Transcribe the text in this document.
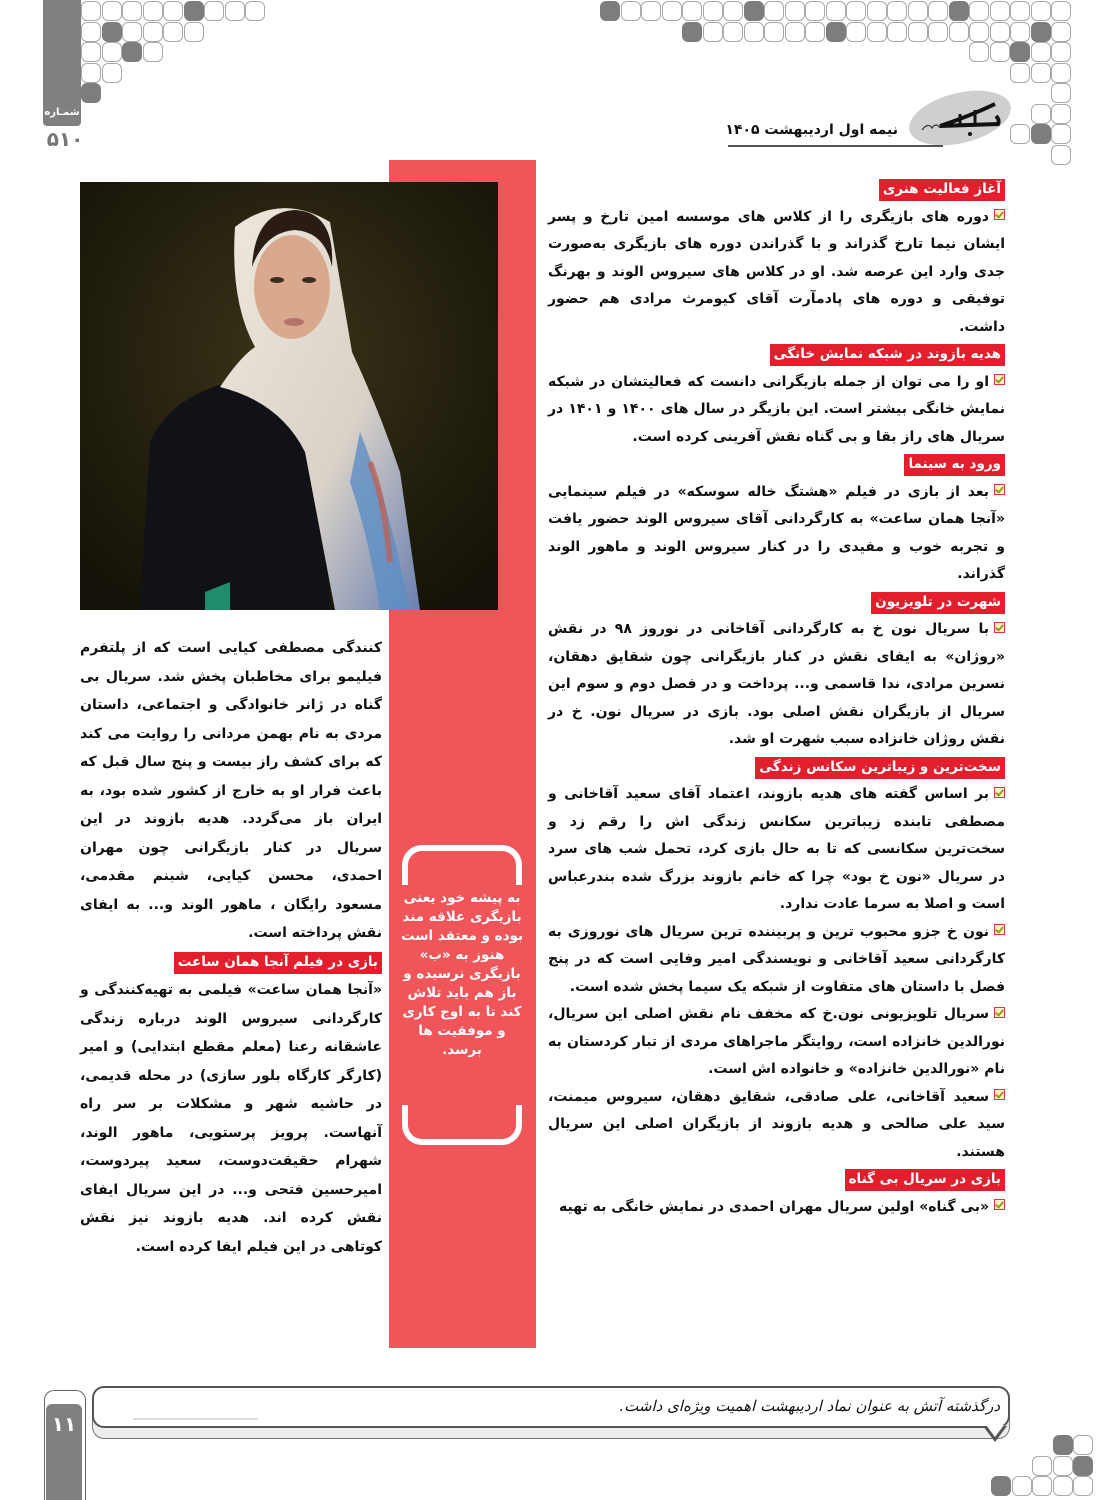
شمـاره
۵۱۰	نیمه اول اردیبهشت ۱۴۰۵
آغاز فعالیت هنری
دوره های بازیگری را از کلاس های موسسه امین تارخ و پسر ایشان نیما تارخ گذراند و با گذراندن دوره های بازیگری به‌صورت جدی وارد این عرصه شد. او در کلاس های سیروس الوند و بهرنگ توفیقی و دوره های پادمآرت آقای کیومرث مرادی هم حضور داشت.
هدیه بازوند در شبکه نمایش خانگی
او را می توان از جمله بازیگرانی دانست که فعالیتشان در شبکه نمایش خانگی بیشتر است. این بازیگر در سال های ۱۴۰۰ و ۱۴۰۱ در سریال های راز بقا و بی گناه نقش آفرینی کرده است.
ورود به سینما
بعد از بازی در فیلم «هشتگ خاله سوسکه» در فیلم سینمایی «آنجا همان ساعت» به کارگردانی آقای سیروس الوند حضور یافت و تجربه خوب و مفیدی را در کنار سیروس الوند و ماهور الوند گذراند.
شهرت در تلویزیون
با سریال نون خ به کارگردانی آقاخانی در نوروز ۹۸ در نقش «روژان» به ایفای نقش در کنار بازیگرانی چون شقایق دهقان، نسرین مرادی، ندا قاسمی و... پرداخت و در فصل دوم و سوم این سریال از بازیگران نقش اصلی بود. بازی در سریال نون. خ در نقش روژان خانزاده سبب شهرت او شد.
سخت‌ترین و زیباترین سکانس زندگی
بر اساس گفته های هدیه بازوند، اعتماد آقای سعید آقاخانی و مصطفی تابنده زیباترین سکانس زندگی اش را رقم زد و سخت‌ترین سکانسی که تا به حال بازی کرد، تحمل شب های سرد در سریال «نون خ بود» چرا که خانم بازوند بزرگ شده بندرعباس است و اصلا به سرما عادت ندارد.
نون خ جزو محبوب ترین و پربیننده ترین سریال های نوروزی به کارگردانی سعید آقاخانی و نویسندگی امیر وفایی است که در پنج فصل با داستان های متفاوت از شبکه یک سیما پخش شده است.
سریال تلویزیونی نون.خ که مخفف نام نقش اصلی این سریال، نورالدین خانزاده است، روایتگر ماجراهای مردی از تبار کردستان به نام «نورالدین خانزاده» و خانواده اش است.
سعید آقاخانی، علی صادقی، شقایق دهقان، سیروس میمنت، سید علی صالحی و هدیه بازوند از بازیگران اصلی این سریال هستند.
بازی در سریال بی گناه
«بی گناه» اولین سریال مهران احمدی در نمایش خانگی به تهیه
کنندگی مصطفی کیایی است که از پلتفرم فیلیمو برای مخاطبان پخش شد. سریال بی گناه در ژانر خانوادگی و اجتماعی، داستان مردی به نام بهمن مردانی را روایت می کند که برای کشف راز بیست و پنج سال قبل که باعث فرار او به خارج از کشور شده بود، به ایران باز می‌گردد. هدیه بازوند در این سریال در کنار بازیگرانی چون مهران احمدی، محسن کیایی، شبنم مقدمی، مسعود رایگان ، ماهور الوند و... به ایفای نقش پرداخته است.
بازی در فیلم آنجا همان ساعت
«آنجا همان ساعت» فیلمی به تهیه‌کنندگی و کارگردانی سیروس الوند درباره زندگی عاشقانه رعنا (معلم مقطع ابتدایی) و امیر (کارگر کارگاه بلور سازی) در محله قدیمی، در حاشیه شهر و مشکلات بر سر راه آنهاست. پرویز پرستویی، ماهور الوند، شهرام حقیقت‌دوست، سعید پیردوست، امیرحسین فتحی و... در این سریال ایفای نقش کرده اند. هدیه بازوند نیز نقش کوتاهی در این فیلم ایفا کرده است.
به پیشه خود یعنی بازیگری علاقه مند بوده و معتقد است هنوز به «ب» بازیگری نرسیده و باز هم باید تلاش کند تا به اوج کاری و موفقیت ها برسد.
۱۱
درگذشته آتش به عنوان نماد اردیبهشت اهمیت ویژه‌ای داشت.
